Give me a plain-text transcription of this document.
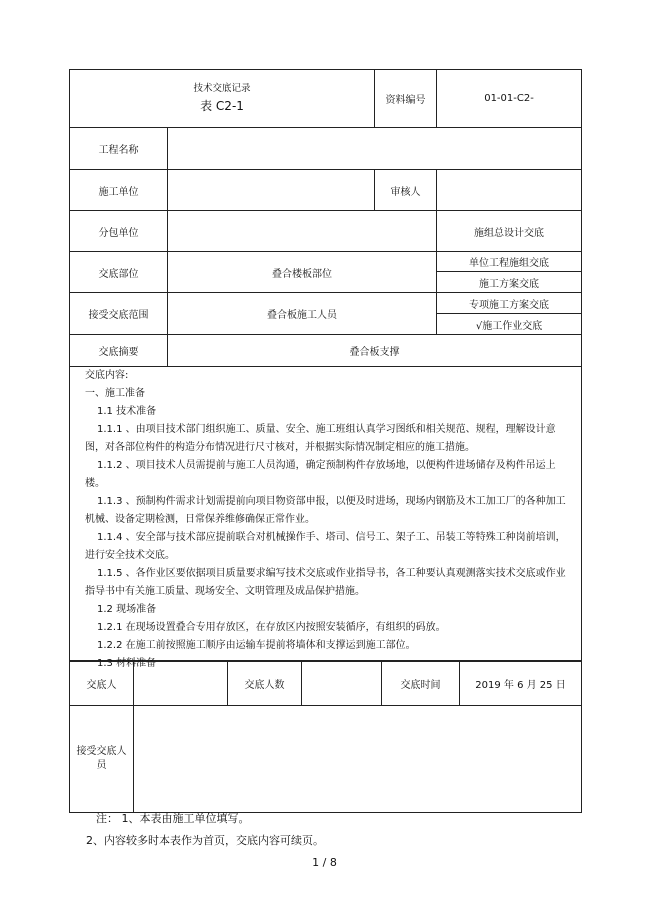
技术交底记录
表 C2-1		资料编号	01-01-C2-
工程名称			
施工单位		审核人	
分包单位			施组总设计交底
交底部位	叠合楼板部位		单位工程施组交底
			施工方案交底
接受交底范围	叠合板施工人员		专项施工方案交底
			√施工作业交底
交底摘要	叠合板支撑		

交底内容:

一、施工准备

1.1 技术准备

1.1.1 、由项目技术部门组织施工、质量、安全、施工班组认真学习图纸和相关规范、规程，理解设计意图，对各部位构件的构造分布情况进行尺寸核对，并根据实际情况制定相应的施工措施。

1.1.2 、项目技术人员需提前与施工人员沟通，确定预制构件存放场地，以便构件进场储存及构件吊运上楼。

1.1.3 、预制构件需求计划需提前向项目物资部申报，以便及时进场，现场内钢筋及木工加工厂的各种加工机械、设备定期检测，日常保养维修确保正常作业。

1.1.4 、安全部与技术部应提前联合对机械操作手、塔司、信号工、架子工、吊装工等特殊工种岗前培训，进行安全技术交底。

1.1.5 、各作业区要依据项目质量要求编写技术交底或作业指导书，各工种要认真观测落实技术交底或作业指导书中有关施工质量、现场安全、文明管理及成品保护措施。

1.2 现场准备

1.2.1 在现场设置叠合专用存放区，在存放区内按照安装循序，有组织的码放。

1.2.2 在施工前按照施工顺序由运输车提前将墙体和支撑运到施工部位。

1.3 材料准备

交底人		交底人数		交底时间	2019 年 6 月 25 日
接受交底人员					
注： 1、本表由施工单位填写。
2、内容较多时本表作为首页，交底内容可续页。
1 / 8
